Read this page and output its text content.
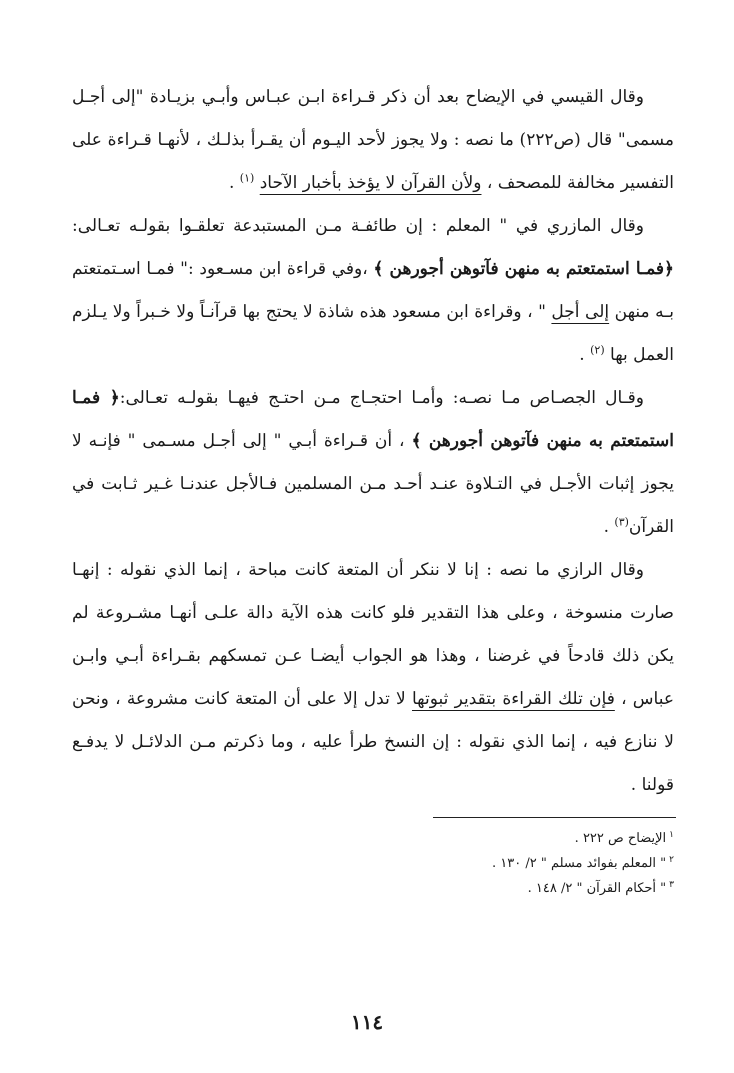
وقال القيسي في الإيضاح بعد أن ذكر قـراءة ابـن عبـاس وأبـي بزيـادة "إلى أجـل مسمى" قال (ص٢٢٢) ما نصه : ولا يجوز لأحد اليـوم أن يقـرأ بذلـك ، لأنهـا قـراءة على التفسير مخالفة للمصحف ، ولأن القرآن لا يؤخذ بأخبار الآحاد $^{(١)}$ .

وقال المازري في " المعلم : إن طائفـة مـن المستبدعة تعلقـوا بقولـه تعـالى: ﴿فمـا استمتعتم به منهن فآتوهن أجورهن ﴾ ،وفي قراءة ابن مسـعود :" فمـا اسـتمتعتم بـه منهن إلى أجل " ، وقراءة ابن مسعود هذه شاذة لا يحتج بها قرآنـاً ولا خـبراً ولا يـلزم العمل بها $^{(٢)}$ .

وقـال الجصـاص مـا نصـه: وأمـا احتجـاج مـن احتـج فيهـا بقولـه تعـالى:﴿ فمـا استمتعتم به منهن فآتوهن أجورهن ﴾ ، أن قـراءة أبـي " إلى أجـل مسـمى " فإنـه لا يجوز إثبات الأجـل في التـلاوة عنـد أحـد مـن المسلمين فـالأجل عندنـا غـير ثـابت في القرآن$^{(٣)}$ .

وقال الرازي ما نصه : إنا لا ننكر أن المتعة كانت مباحة ، إنما الذي نقوله : إنهـا صارت منسوخة ، وعلى هذا التقدير فلو كانت هذه الآية دالة علـى أنهـا مشـروعة لم يكن ذلك قادحاً في غرضنا ، وهذا هو الجواب أيضـا عـن تمسكهم بقـراءة أبـي وابـن عباس ، فإن تلك القراءة بتقدير ثبوتها لا تدل إلا على أن المتعة كانت مشروعة ، ونحن لا ننازع فيه ، إنما الذي نقوله : إن النسخ طرأ عليه ، وما ذكرتم مـن الدلائـل لا يدفـع قولنا .

$^١$الإيضاح ص ٢٢٢ .
$^٢$" المعلم بفوائد مسلم " ٢/ ١٣٠ .
$^٣$" أحكام القرآن " ٢/ ١٤٨ .
١١٤
